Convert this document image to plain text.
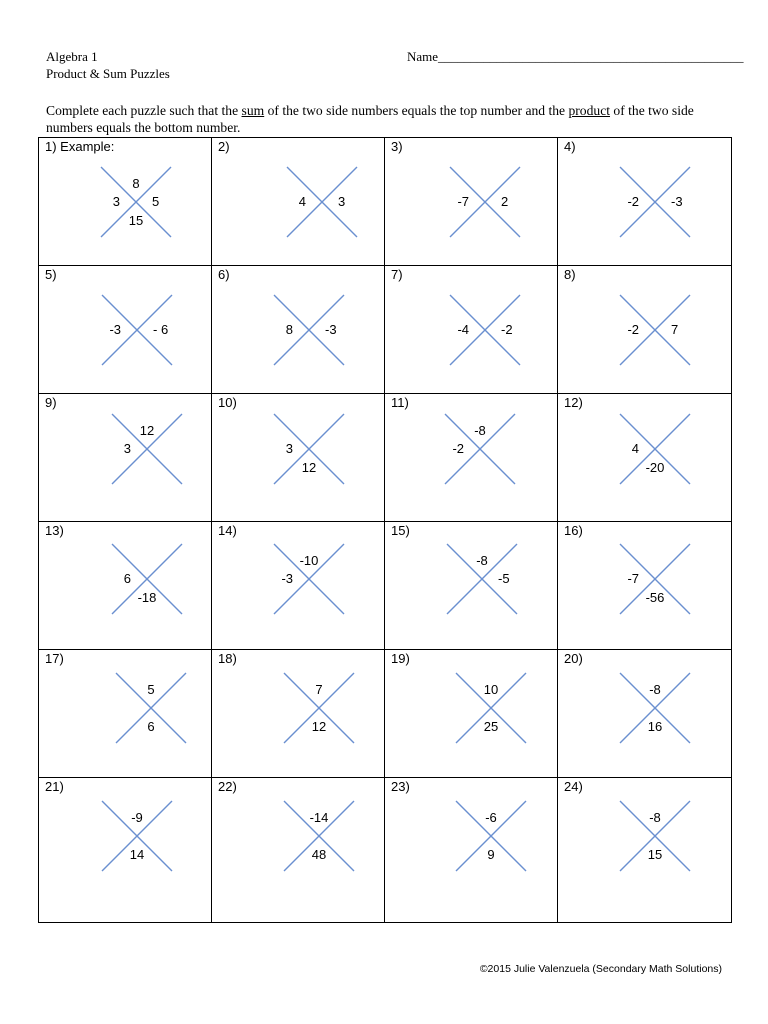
Algebra 1
Product & Sum Puzzles
Name_______________________________________________
Complete each puzzle such that the sum of the two side numbers equals the top number and the product of the two side numbers equals the bottom number.
1) Example:
8
15
3 5
2)
4 3
3)
-7 2
4)
-2 -3
5)
-3 - 6
6)
8 -3
7)
-4 -2
8)
-2 7
9)
12
3
10)
12
3
11)
-8
-2
12)
-20
4
13)
-18
6
14)
-10
-3
15)
-8
-5
16)
-56
-7
17)
5
6
18)
7
12
19)
10
25
20)
-8
16
21)
-9
14
22)
-14
48
23)
-6
9
24)
-8
15
©2015 Julie Valenzuela (Secondary Math Solutions)
